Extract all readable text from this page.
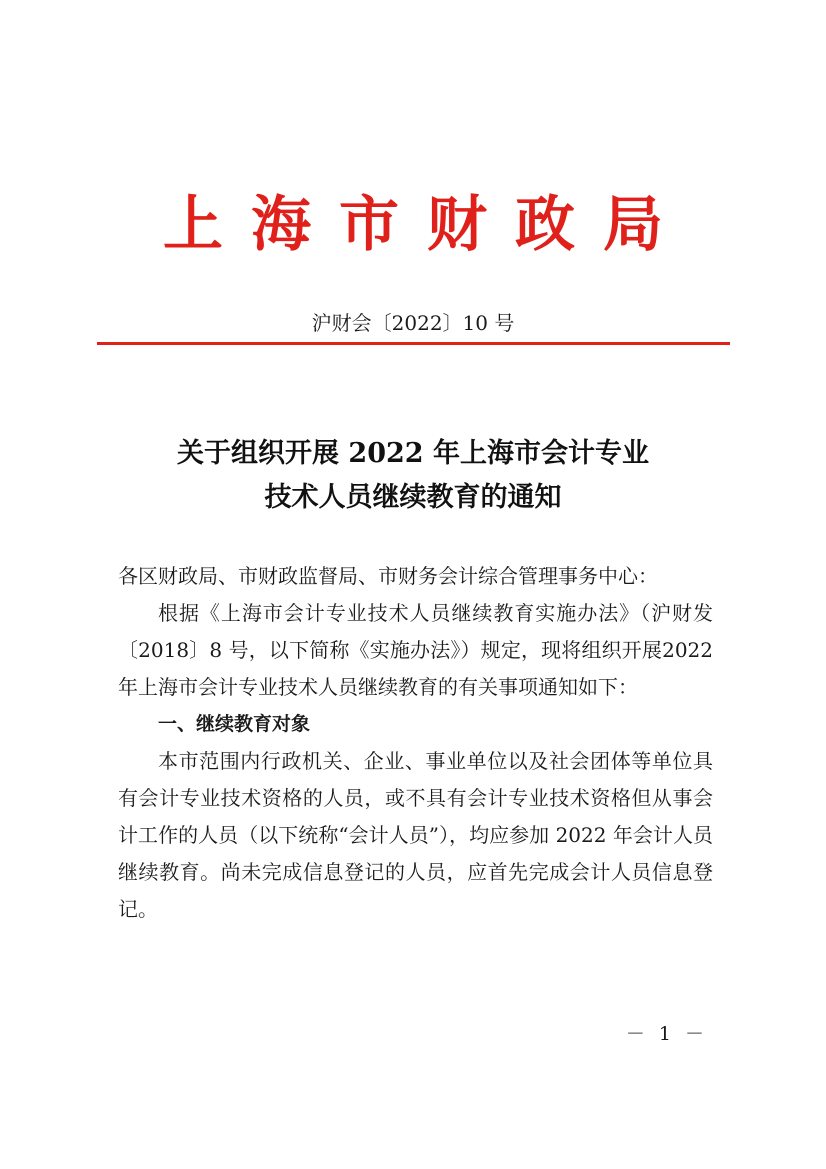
上海市财政局
沪财会〔2022〕10 号
关于组织开展 2022 年上海市会计专业
技术人员继续教育的通知

各区财政局、市财政监督局、市财务会计综合管理事务中心：

根据《上海市会计专业技术人员继续教育实施办法》（沪财发〔2018〕8 号，以下简称《实施办法》）规定，现将组织开展2022 年上海市会计专业技术人员继续教育的有关事项通知如下：

一、继续教育对象

本市范围内行政机关、企业、事业单位以及社会团体等单位具有会计专业技术资格的人员，或不具有会计专业技术资格但从事会计工作的人员（以下统称“会计人员”），均应参加 2022 年会计人员继续教育。尚未完成信息登记的人员，应首先完成会计人员信息登记。

－ 1 －
